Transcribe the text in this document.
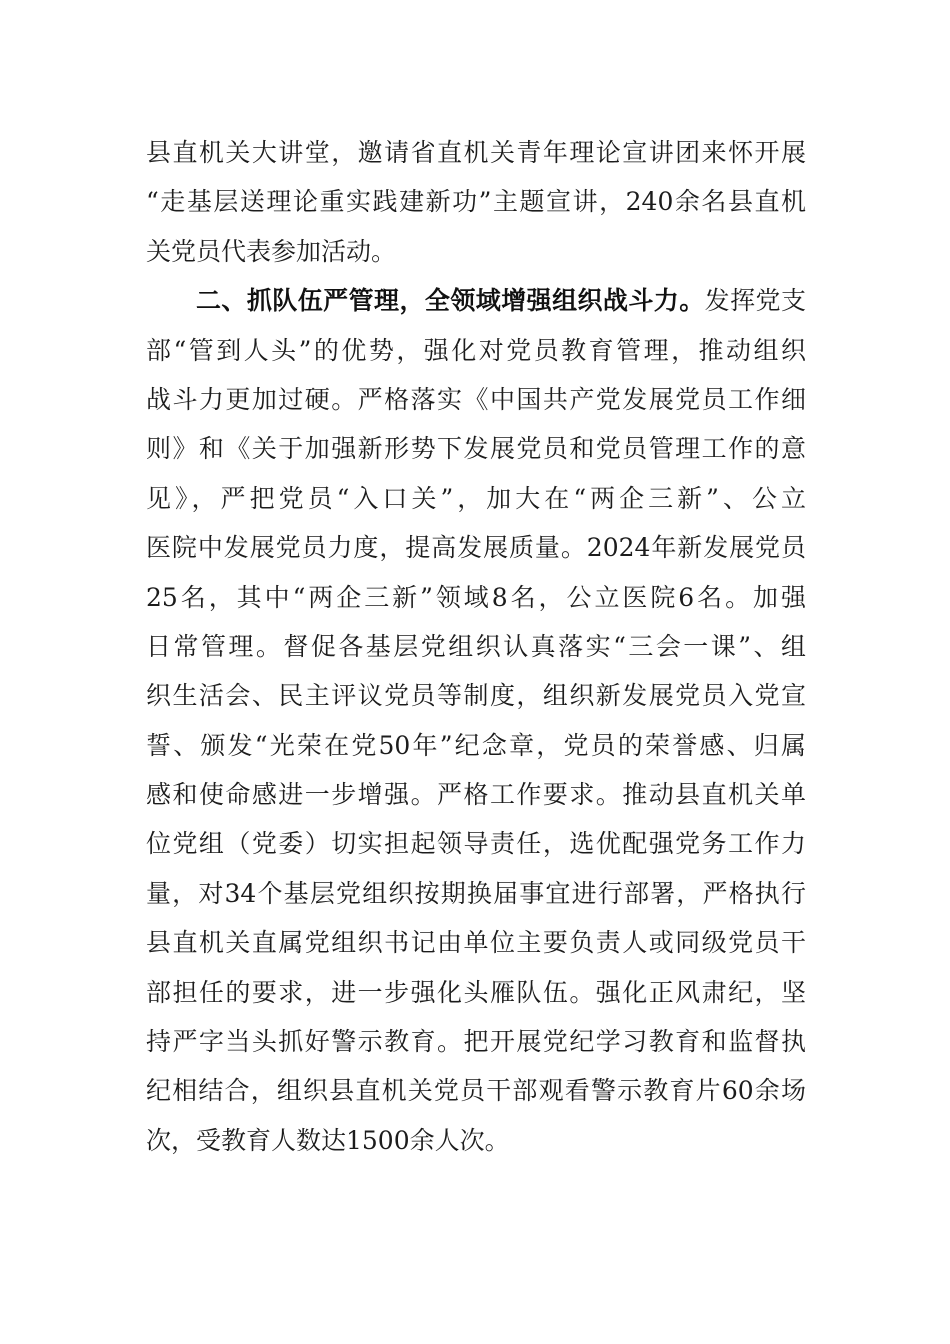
县直机关大讲堂，邀请省直机关青年理论宣讲团来怀开展
“走基层送理论重实践建新功”主题宣讲，240余名县直机
关党员代表参加活动。
二、抓队伍严管理，全领域增强组织战斗力。发挥党支
部“管到人头”的优势，强化对党员教育管理，推动组织
战斗力更加过硬。严格落实《中国共产党发展党员工作细
则》和《关于加强新形势下发展党员和党员管理工作的意
见》，严把党员“入口关”，加大在“两企三新”、公立
医院中发展党员力度，提高发展质量。2024年新发展党员
25名，其中“两企三新”领域8名，公立医院6名。加强
日常管理。督促各基层党组织认真落实“三会一课”、组
织生活会、民主评议党员等制度，组织新发展党员入党宣
誓、颁发“光荣在党50年”纪念章，党员的荣誉感、归属
感和使命感进一步增强。严格工作要求。推动县直机关单
位党组（党委）切实担起领导责任，选优配强党务工作力
量，对34个基层党组织按期换届事宜进行部署，严格执行
县直机关直属党组织书记由单位主要负责人或同级党员干
部担任的要求，进一步强化头雁队伍。强化正风肃纪，坚
持严字当头抓好警示教育。把开展党纪学习教育和监督执
纪相结合，组织县直机关党员干部观看警示教育片60余场
次，受教育人数达1500余人次。
